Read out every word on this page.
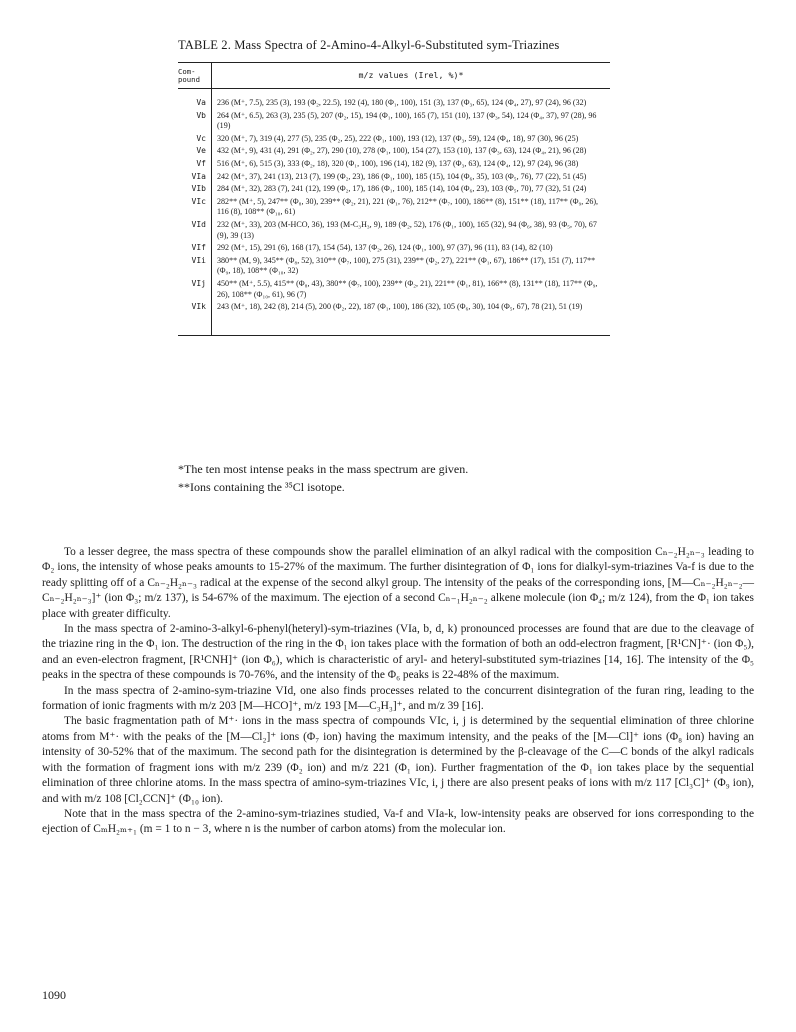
TABLE 2. Mass Spectra of 2-Amino-4-Alkyl-6-Substituted sym-Triazines
Com-
pound	m/z values (Irel, %)*

Va	236 (M⁺, 7.5), 235 (3), 193 (Φ₂, 22.5), 192 (4), 180 (Φ₁, 100), 151 (3), 137 (Φ₃, 65), 124 (Φ₄, 27), 97 (24), 96 (32)
Vb	264 (M⁺, 6.5), 263 (3), 235 (5), 207 (Φ₂, 15), 194 (Φ₁, 100), 165 (7), 151 (10), 137 (Φ₃, 54), 124 (Φ₄, 37), 97 (28), 96 (19)
Vc	320 (M⁺, 7), 319 (4), 277 (5), 235 (Φ₂, 25), 222 (Φ₁, 100), 193 (12), 137 (Φ₃, 59), 124 (Φ₄, 18), 97 (30), 96 (25)
Ve	432 (M⁺, 9), 431 (4), 291 (Φ₂, 27), 290 (10), 278 (Φ₁, 100), 154 (27), 153 (10), 137 (Φ₃, 63), 124 (Φ₄, 21), 96 (28)
Vf	516 (M⁺, 6), 515 (3), 333 (Φ₂, 18), 320 (Φ₁, 100), 196 (14), 182 (9), 137 (Φ₃, 63), 124 (Φ₄, 12), 97 (24), 96 (38)
VIa	242 (M⁺, 37), 241 (13), 213 (7), 199 (Φ₂, 23), 186 (Φ₁, 100), 185 (15), 104 (Φ₆, 35), 103 (Φ₅, 76), 77 (22), 51 (45)
VIb	284 (M⁺, 32), 283 (7), 241 (12), 199 (Φ₂, 17), 186 (Φ₁, 100), 185 (14), 104 (Φ₆, 23), 103 (Φ₅, 70), 77 (32), 51 (24)
VIc	282** (M⁺, 5), 247** (Φ₈, 30), 239** (Φ₂, 21), 221 (Φ₁, 76), 212** (Φ₇, 100), 186** (8), 151** (18), 117** (Φ₉, 26), 116 (8), 108** (Φ₁₀, 61)
VId	232 (M⁺, 33), 203 (M-HCO, 36), 193 (M-C₃H₃, 9), 189 (Φ₂, 52), 176 (Φ₁, 100), 165 (32), 94 (Φ₆, 38), 93 (Φ₅, 70), 67 (9), 39 (13)
VIf	292 (M⁺, 15), 291 (6), 168 (17), 154 (54), 137 (Φ₂, 26), 124 (Φ₁, 100), 97 (37), 96 (11), 83 (14), 82 (10)
VIi	380** (M, 9), 345** (Φ₈, 52), 310** (Φ₇, 100), 275 (31), 239** (Φ₂, 27), 221** (Φ₁, 67), 186** (17), 151 (7), 117** (Φ₉, 18), 108** (Φ₁₀, 32)
VIj	450** (M⁺, 5.5), 415** (Φ₈, 43), 380** (Φ₇, 100), 239** (Φ₂, 21), 221** (Φ₁, 81), 166** (8), 131** (18), 117** (Φ₉, 26), 108** (Φ₁₀, 61), 96 (7)
VIk	243 (M⁺, 18), 242 (8), 214 (5), 200 (Φ₂, 22), 187 (Φ₁, 100), 186 (32), 105 (Φ₆, 30), 104 (Φ₅, 67), 78 (21), 51 (19)

*The ten most intense peaks in the mass spectrum are given.
**Ions containing the ³⁵Cl isotope.

To a lesser degree, the mass spectra of these compounds show the parallel elimination of an alkyl radical with the composition Cₙ₋₂H₂ₙ₋₃ leading to Φ₂ ions, the intensity of whose peaks amounts to 15-27% of the maximum. The further disintegration of Φ₁ ions for dialkyl-sym-triazines Va-f is due to the ready splitting off of a Cₙ₋₂H₂ₙ₋₃ radical at the expense of the second alkyl group. The intensity of the peaks of the corresponding ions, [M—Cₙ₋₂H₂ₙ₋₂—Cₙ₋₂H₂ₙ₋₃]⁺ (ion Φ₃; m/z 137), is 54-67% of the maximum. The ejection of a second Cₙ₋₁H₂ₙ₋₂ alkene molecule (ion Φ₄; m/z 124), from the Φ₁ ion takes place with greater difficulty.

In the mass spectra of 2-amino-3-alkyl-6-phenyl(heteryl)-sym-triazines (VIa, b, d, k) pronounced processes are found that are due to the cleavage of the triazine ring in the Φ₁ ion. The destruction of the ring in the Φ₁ ion takes place with the formation of both an odd-electron fragment, [R¹CN]⁺· (ion Φ₅), and an even-electron fragment, [R¹CNH]⁺ (ion Φ₆), which is characteristic of aryl- and heteryl-substituted sym-triazines [14, 16]. The intensity of the Φ₅ peaks in the spectra of these compounds is 70-76%, and the intensity of the Φ₆ peaks is 22-48% of the maximum.

In the mass spectra of 2-amino-sym-triazine VId, one also finds processes related to the concurrent disintegration of the furan ring, leading to the formation of ionic fragments with m/z 203 [M—HCO]⁺, m/z 193 [M—C₃H₃]⁺, and m/z 39 [16].

The basic fragmentation path of M⁺· ions in the mass spectra of compounds VIc, i, j is determined by the sequential elimination of three chlorine atoms from M⁺· with the peaks of the [M—Cl₂]⁺ ions (Φ₇ ion) having the maximum intensity, and the peaks of the [M—Cl]⁺ ions (Φ₈ ion) having an intensity of 30-52% that of the maximum. The second path for the disintegration is determined by the β-cleavage of the C—C bonds of the alkyl radicals with the formation of fragment ions with m/z 239 (Φ₂ ion) and m/z 221 (Φ₁ ion). Further fragmentation of the Φ₁ ion takes place by the sequential elimination of three chlorine atoms. In the mass spectra of amino-sym-triazines VIc, i, j there are also present peaks of ions with m/z 117 [Cl₃C]⁺ (Φ₉ ion), and with m/z 108 [Cl₂CCN]⁺ (Φ₁₀ ion).

Note that in the mass spectra of the 2-amino-sym-triazines studied, Va-f and VIa-k, low-intensity peaks are observed for ions corresponding to the ejection of CₘH₂ₘ₊₁ (m = 1 to n − 3, where n is the number of carbon atoms) from the molecular ion.

1090
